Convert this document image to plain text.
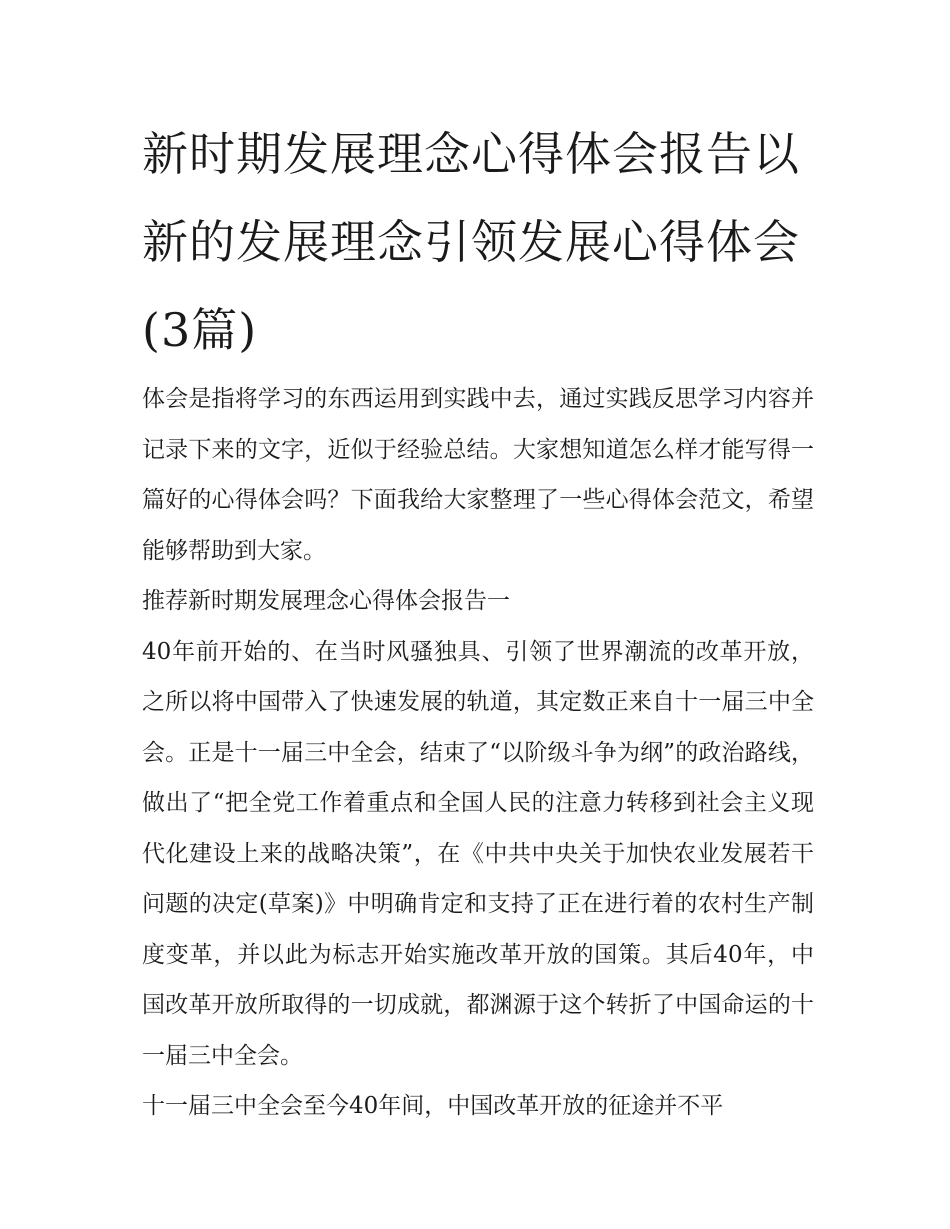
新时期发展理念心得体会报告以新的发展理念引领发展心得体会(3篇)

体会是指将学习的东西运用到实践中去，通过实践反思学习内容并记录下来的文字，近似于经验总结。大家想知道怎么样才能写得一篇好的心得体会吗？下面我给大家整理了一些心得体会范文，希望能够帮助到大家。

推荐新时期发展理念心得体会报告一

40年前开始的、在当时风骚独具、引领了世界潮流的改革开放，之所以将中国带入了快速发展的轨道，其定数正来自十一届三中全会。正是十一届三中全会，结束了“以阶级斗争为纲”的政治路线，做出了“把全党工作着重点和全国人民的注意力转移到社会主义现代化建设上来的战略决策”，在《中共中央关于加快农业发展若干问题的决定(草案)》中明确肯定和支持了正在进行着的农村生产制度变革，并以此为标志开始实施改革开放的国策。其后40年，中国改革开放所取得的一切成就，都渊源于这个转折了中国命运的十一届三中全会。

十一届三中全会至今40年间，中国改革开放的征途并不平
